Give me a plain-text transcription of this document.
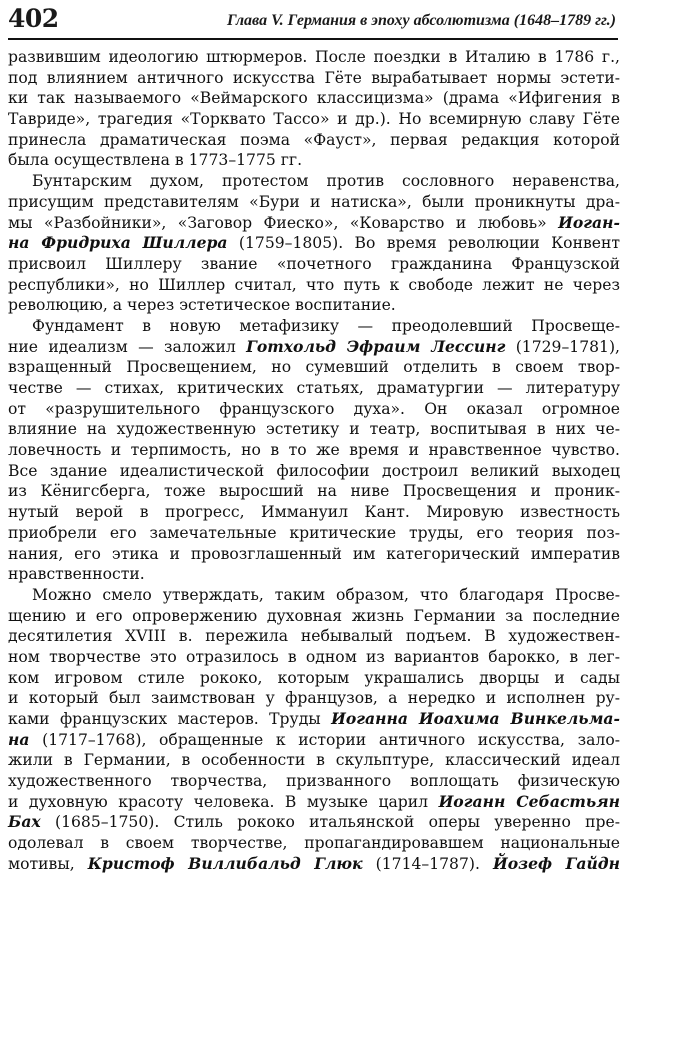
402	Глава V. Германия в эпоху абсолютизма (1648–1789 гг.)
развившим идеологию штюрмеров. После поездки в Италию в 1786 г.,
под влиянием античного искусства Гёте вырабатывает нормы эстети-
ки так называемого «Веймарского классицизма» (драма «Ифигения в
Тавриде», трагедия «Торквато Тассо» и др.). Но всемирную славу Гёте
принесла драматическая поэма «Фауст», первая редакция которой
была осуществлена в 1773–1775 гг.
Бунтарским духом, протестом против сословного неравенства,
присущим представителям «Бури и натиска», были проникнуты дра-
мы «Разбойники», «Заговор Фиеско», «Коварство и любовь» Иоган-
на Фридриха Шиллера (1759–1805). Во время революции Конвент
присвоил Шиллеру звание «почетного гражданина Французской
республики», но Шиллер считал, что путь к свободе лежит не через
революцию, а через эстетическое воспитание.
Фундамент в новую метафизику — преодолевший Просвеще-
ние идеализм — заложил Готхольд Эфраим Лессинг (1729–1781),
взращенный Просвещением, но сумевший отделить в своем твор-
честве — стихах, критических статьях, драматургии — литературу
от «разрушительного французского духа». Он оказал огромное
влияние на художественную эстетику и театр, воспитывая в них че-
ловечность и терпимость, но в то же время и нравственное чувство.
Все здание идеалистической философии достроил великий выходец
из Кёнигсберга, тоже выросший на ниве Просвещения и проник-
нутый верой в прогресс, Иммануил Кант. Мировую известность
приобрели его замечательные критические труды, его теория поз-
нания, его этика и провозглашенный им категорический императив
нравственности.
Можно смело утверждать, таким образом, что благодаря Просве-
щению и его опровержению духовная жизнь Германии за последние
десятилетия XVIII в. пережила небывалый подъем. В художествен-
ном творчестве это отразилось в одном из вариантов барокко, в лег-
ком игровом стиле рококо, которым украшались дворцы и сады
и который был заимствован у французов, а нередко и исполнен ру-
ками французских мастеров. Труды Иоганна Иоахима Винкельма-
на (1717–1768), обращенные к истории античного искусства, зало-
жили в Германии, в особенности в скульптуре, классический идеал
художественного творчества, призванного воплощать физическую
и духовную красоту человека. В музыке царил Иоганн Себастьян
Бах (1685–1750). Стиль рококо итальянской оперы уверенно пре-
одолевал в своем творчестве, пропагандировавшем национальные
мотивы, Кристоф Виллибальд Глюк (1714–1787). Йозеф Гайдн
